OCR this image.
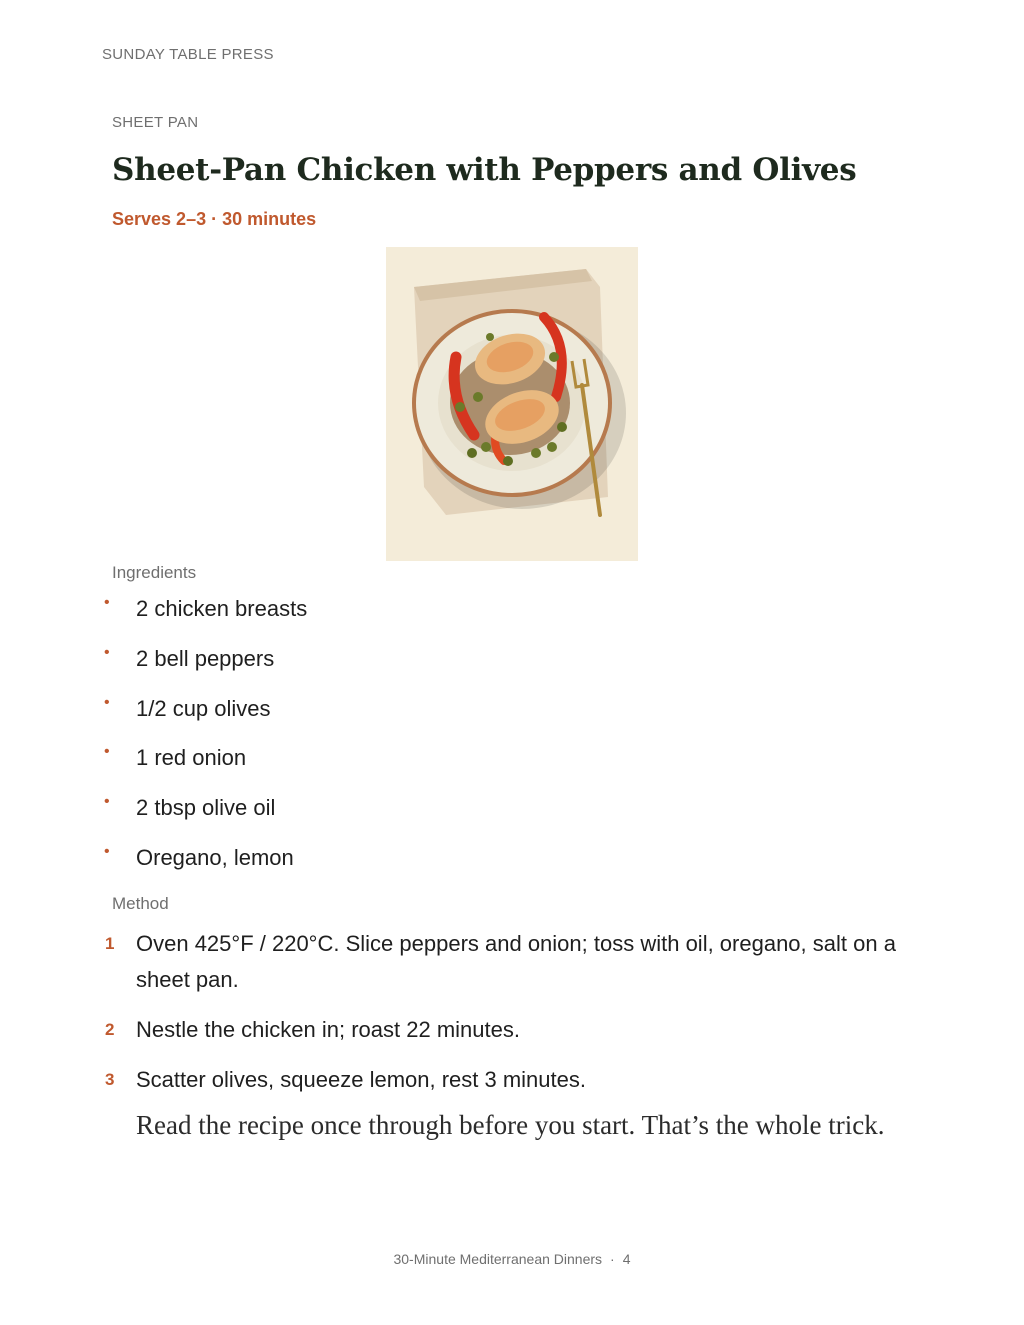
SUNDAY TABLE PRESS
SHEET PAN
Sheet-Pan Chicken with Peppers and Olives
Serves 2–3 · 30 minutes
Ingredients
• 2 chicken breasts
• 2 bell peppers
• 1/2 cup olives
• 1 red onion
• 2 tbsp olive oil
• Oregano, lemon
Method
1 Oven 425°F / 220°C. Slice peppers and onion; toss with oil, oregano, salt on a sheet pan.
2 Nestle the chicken in; roast 22 minutes.
3 Scatter olives, squeeze lemon, rest 3 minutes.
Read the recipe once through before you start. That’s the whole trick.
30-Minute Mediterranean Dinners · 4
